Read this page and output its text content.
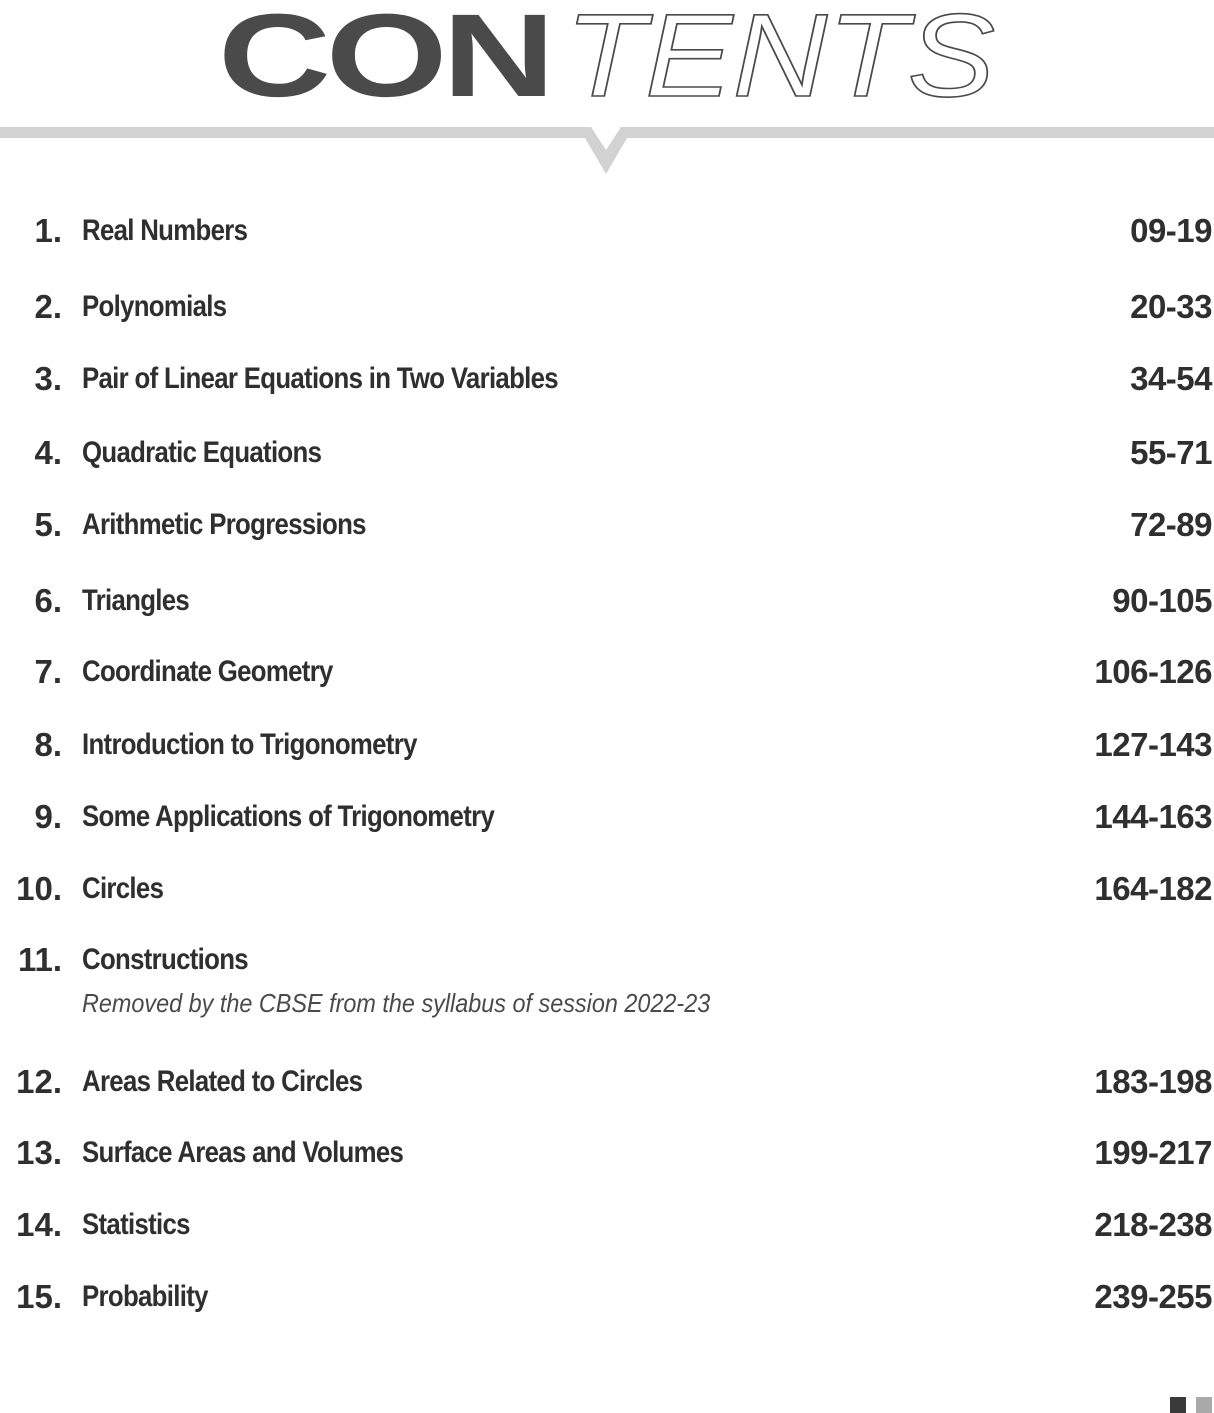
CON TENTS
1. Real Numbers	09-19
2. Polynomials	20-33
3. Pair of Linear Equations in Two Variables	34-54
4. Quadratic Equations	55-71
5. Arithmetic Progressions	72-89
6. Triangles	90-105
7. Coordinate Geometry	106-126
8. Introduction to Trigonometry	127-143
9. Some Applications of Trigonometry	144-163
10. Circles	164-182
11. Constructions
Removed by the CBSE from the syllabus of session 2022-23
12. Areas Related to Circles	183-198
13. Surface Areas and Volumes	199-217
14. Statistics	218-238
15. Probability	239-255
